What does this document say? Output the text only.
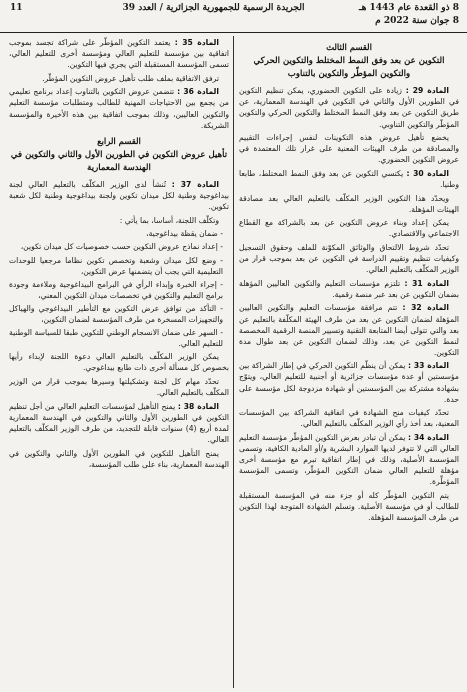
8 ذو القعدة عام 1443 هـ
8 جوان سنة 2022 م
الجريدة الرسمية للجمهورية الجزائرية / العدد 39
11
القسم الثالث
التكوين عن بعد وفق النمط المختلط والتكوين الحركي والتكوين المؤطّر والتكوين بالتناوب

المادة 29 : زيادة على التكوين الحضوري، يمكن تنظيم التكوين في الطورين الأول والثاني في التكوين في الهندسة المعمارية، عن طريق التكوين عن بعد وفق النمط المختلط والتكوين الحركي والتكوين المؤطّر والتكوين التناوبي.

يخضع تأهيل عروض هذه التكوينات لنفس إجراءات التقييم والمصادقة من طرف الهيئات المعنية على غرار تلك المعتمدة في عروض التكوين الحضوري.

المادة 30 : يكتسي التكوين عن بعد وفق النمط المختلط، طابعا وطنيا.

ويحدّد هذا التكوين الوزير المكلّف بالتعليم العالي بعد مصادقة الهيئات المؤهلة.

يمكن إعداد وبناء عروض التكوين عن بعد بالشراكة مع القطاع الاجتماعي والاقتصادي.

تحدّد شروط الالتحاق والوثائق المكوّنة للملف وحقوق التسجيل وكيفيات تنظيم وتقييم الدراسة في التكوين عن بعد بموجب قرار من الوزير المكلّف بالتعليم العالي.

المادة 31 : تلتزم مؤسسات التعليم والتكوين العاليين المؤهلة بضمان التكوين عن بعد عبر منصة رقمية.

المادة 32 : تتم مرافقة مؤسسات التعليم والتكوين العاليين المؤهلة لضمان التكوين عن بعد من طرف الهيئة المكلّفة بالتعليم عن بعد والتي تتولى أيضا المتابعة التقنية وتسيير المنصة الرقمية المخصصة لنمط التكوين عن بعد، وذلك لضمان التكوين عن بعد طوال مدة التكوين.

المادة 33 : يمكن أن ينظّم التكوين الحركي في إطار الشراكة بين مؤسستين أو عدة مؤسسات جزائرية أو أجنبية للتعليم العالي، ويتوّج بشهادة مشتركة بين المؤسستين أو شهادة مزدوجة لكل مؤسسة على حدة.

تحدّد كيفيات منح الشهادة في اتفاقية الشراكة بين المؤسسات المعنية، بعد أخذ رأي الوزير المكلّف بالتعليم العالي.

المادة 34 : يمكن أن تبادر بعرض التكوين المؤطّر مؤسسة التعليم العالي التي لا تتوفر لديها الموارد البشرية و/أو المادية الكافية، وتسمى المؤسسة الأصلية، وذلك في إطار اتفاقية تبرم مع مؤسسة أخرى مؤهلة للتعليم العالي ضمان التكوين المؤطّر، وتسمى المؤسسة المؤطِّرة.

يتم التكوين المؤطّر كله أو جزء منه في المؤسسة المستقبلة للطالب أو في مؤسسة الأصلية. وتسلم الشهادة المتوجة لهذا التكوين من طرف المؤسسة المؤهلة.

المادة 35 : يعتمد التكوين المؤطّر على شراكة تجسد بموجب اتفاقية بين مؤسسة للتعليم العالي ومؤسسة أخرى للتعليم العالي، تسمى المؤسسة المستقبلة التي يجري فيها التكوين.

ترفق الاتفاقية بملف طلب تأهيل عروض التكوين المؤطّر.

المادة 36 : تتضمن عروض التكوين بالتناوب إعداد برنامج تعليمي من يجمع بين الاحتياجات المهنية للطالب ومتطلبات مؤسسة التعليم والتكوين العاليين، وذلك بموجب اتفاقية بين هذه الأخيرة والمؤسسة الشريكة.

القسم الرابع
تأهيل عروض التكوين في الطورين الأول والثاني والتكوين في الهندسة المعمارية

المادة 37 : تُنشأ لدى الوزير المكلّف بالتعليم العالي لجنة بيداغوجية وطنية لكل ميدان تكوين ولجنة بيداغوجية وطنية لكل شعبة تكوين.

وتكلّف اللجنة، أساسا، بما يأتي :

- ضمان يقظة بيداغوجية،
- إعداد نماذج عروض التكوين حسب خصوصيات كل ميدان تكوين،
- وضع لكل ميدان وشعبة وتخصص تكوين نظاما مرجعيا للوحدات التعليمية التي يجب أن يتضمنها عرض التكوين،
- إجراء الخبرة وإبداء الرأي في البرامج البيداغوجية وملاءمة وجودة برامج التعليم والتكوين في تخصصات ميدان التكوين المعني،
- التأكد من توافق عرض التكوين مع التأطير البيداغوجي والهياكل والتجهيزات المسخرة من طرف المؤسسة لضمان التكوين،
- السهر على ضمان الانسجام الوطني للتكوين طبقا للسياسة الوطنية للتعليم العالي.

يمكن الوزير المكلّف بالتعليم العالي دعوة اللجنة لإبداء رأيها بخصوص كل مسألة أخرى ذات طابع بيداغوجي.

تحدّد مهام كل لجنة وتشكيلتها وسيرها بموجب قرار من الوزير المكلّف بالتعليم العالي.

المادة 38 : يمنح التأهيل لمؤسسات التعليم العالي من أجل تنظيم التكوين في الطورين الأول والثاني والتكوين في الهندسة المعمارية لمدة أربع (4) سنوات قابلة للتجديد، من طرف الوزير المكلّف بالتعليم العالي.

يمنح التأهيل للتكوين في الطورين الأول والثاني والتكوين في الهندسة المعمارية، بناء على طلب المؤسسة،
